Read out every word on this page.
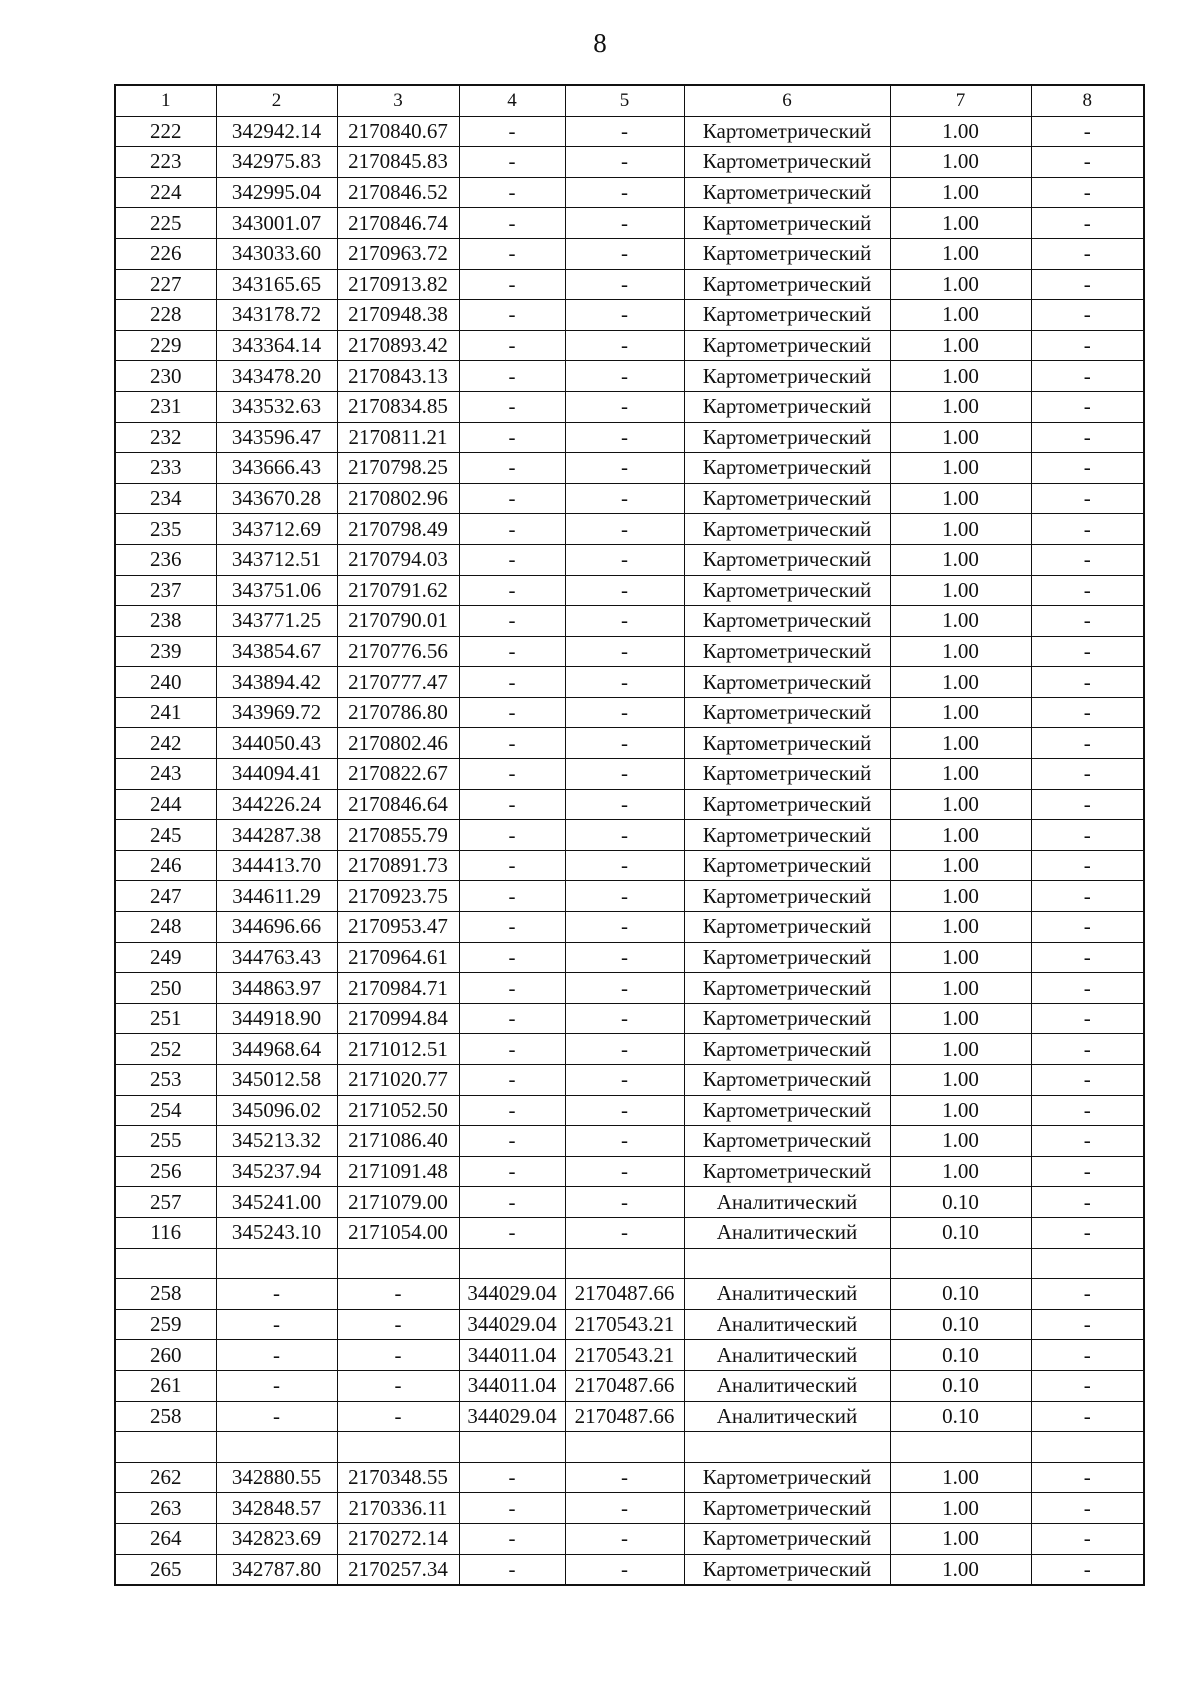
8
1	2	3	4	5	6	7	8
222	342942.14	2170840.67	-	-	Картометрический	1.00	-
223	342975.83	2170845.83	-	-	Картометрический	1.00	-
224	342995.04	2170846.52	-	-	Картометрический	1.00	-
225	343001.07	2170846.74	-	-	Картометрический	1.00	-
226	343033.60	2170963.72	-	-	Картометрический	1.00	-
227	343165.65	2170913.82	-	-	Картометрический	1.00	-
228	343178.72	2170948.38	-	-	Картометрический	1.00	-
229	343364.14	2170893.42	-	-	Картометрический	1.00	-
230	343478.20	2170843.13	-	-	Картометрический	1.00	-
231	343532.63	2170834.85	-	-	Картометрический	1.00	-
232	343596.47	2170811.21	-	-	Картометрический	1.00	-
233	343666.43	2170798.25	-	-	Картометрический	1.00	-
234	343670.28	2170802.96	-	-	Картометрический	1.00	-
235	343712.69	2170798.49	-	-	Картометрический	1.00	-
236	343712.51	2170794.03	-	-	Картометрический	1.00	-
237	343751.06	2170791.62	-	-	Картометрический	1.00	-
238	343771.25	2170790.01	-	-	Картометрический	1.00	-
239	343854.67	2170776.56	-	-	Картометрический	1.00	-
240	343894.42	2170777.47	-	-	Картометрический	1.00	-
241	343969.72	2170786.80	-	-	Картометрический	1.00	-
242	344050.43	2170802.46	-	-	Картометрический	1.00	-
243	344094.41	2170822.67	-	-	Картометрический	1.00	-
244	344226.24	2170846.64	-	-	Картометрический	1.00	-
245	344287.38	2170855.79	-	-	Картометрический	1.00	-
246	344413.70	2170891.73	-	-	Картометрический	1.00	-
247	344611.29	2170923.75	-	-	Картометрический	1.00	-
248	344696.66	2170953.47	-	-	Картометрический	1.00	-
249	344763.43	2170964.61	-	-	Картометрический	1.00	-
250	344863.97	2170984.71	-	-	Картометрический	1.00	-
251	344918.90	2170994.84	-	-	Картометрический	1.00	-
252	344968.64	2171012.51	-	-	Картометрический	1.00	-
253	345012.58	2171020.77	-	-	Картометрический	1.00	-
254	345096.02	2171052.50	-	-	Картометрический	1.00	-
255	345213.32	2171086.40	-	-	Картометрический	1.00	-
256	345237.94	2171091.48	-	-	Картометрический	1.00	-
257	345241.00	2171079.00	-	-	Аналитический	0.10	-
116	345243.10	2171054.00	-	-	Аналитический	0.10	-

258	-	-	344029.04	2170487.66	Аналитический	0.10	-
259	-	-	344029.04	2170543.21	Аналитический	0.10	-
260	-	-	344011.04	2170543.21	Аналитический	0.10	-
261	-	-	344011.04	2170487.66	Аналитический	0.10	-
258	-	-	344029.04	2170487.66	Аналитический	0.10	-

262	342880.55	2170348.55	-	-	Картометрический	1.00	-
263	342848.57	2170336.11	-	-	Картометрический	1.00	-
264	342823.69	2170272.14	-	-	Картометрический	1.00	-
265	342787.80	2170257.34	-	-	Картометрический	1.00	-
